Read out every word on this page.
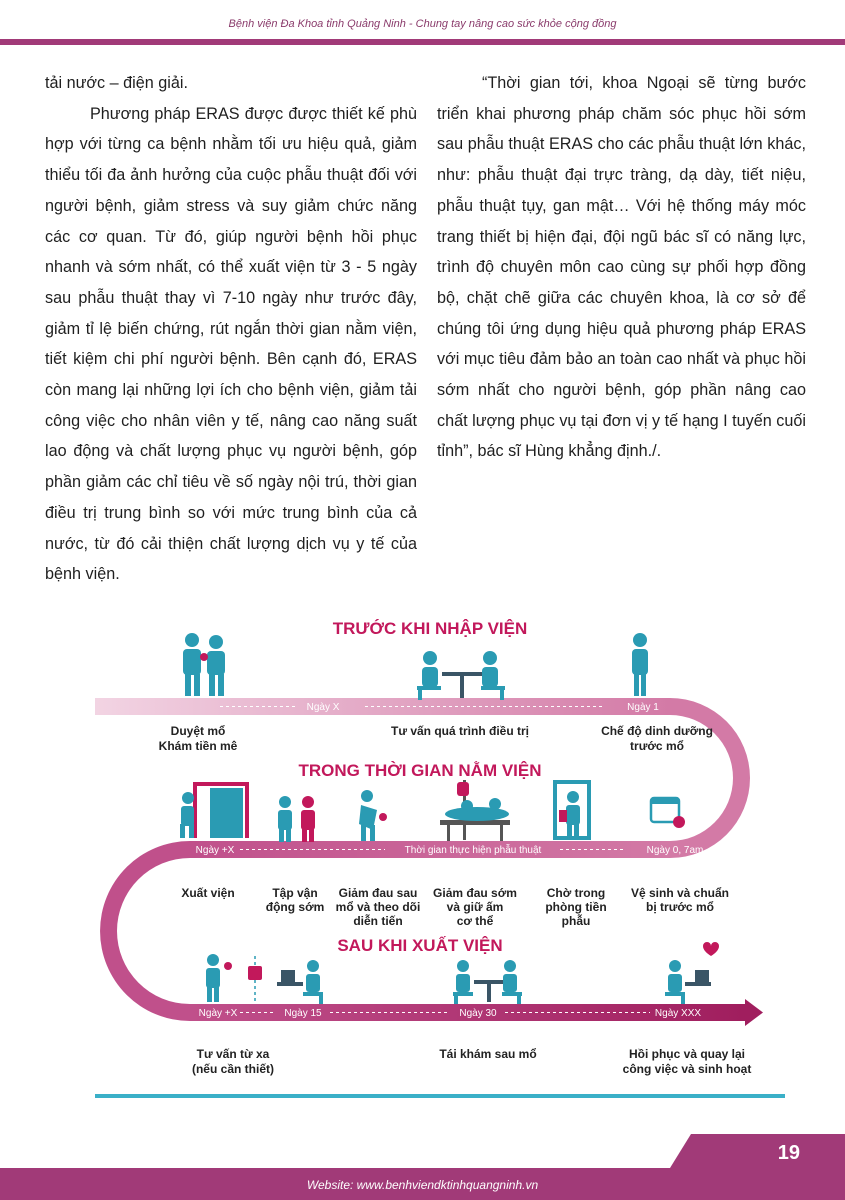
Bệnh viện Đa Khoa tỉnh Quảng Ninh - Chung tay nâng cao sức khỏe cộng đồng

tải nước – điện giải.

Phương pháp ERAS được được thiết kế phù hợp với từng ca bệnh nhằm tối ưu hiệu quả, giảm thiểu tối đa ảnh hưởng của cuộc phẫu thuật đối với người bệnh, giảm stress và suy giảm chức năng các cơ quan. Từ đó, giúp người bệnh hồi phục nhanh và sớm nhất, có thể xuất viện từ 3 - 5 ngày sau phẫu thuật thay vì 7-10 ngày như trước đây, giảm tỉ lệ biến chứng, rút ngắn thời gian nằm viện, tiết kiệm chi phí người bệnh. Bên cạnh đó, ERAS còn mang lại những lợi ích cho bệnh viện, giảm tải công việc cho nhân viên y tế, nâng cao năng suất lao động và chất lượng phục vụ người bệnh, góp phần giảm các chỉ tiêu về số ngày nội trú, thời gian điều trị trung bình so với mức trung bình của cả nước, từ đó cải thiện chất lượng dịch vụ y tế của bệnh viện.

“Thời gian tới, khoa Ngoại sẽ từng bước triển khai phương pháp chăm sóc phục hồi sớm sau phẫu thuật ERAS cho các phẫu thuật lớn khác, như: phẫu thuật đại trực tràng, dạ dày, tiết niệu, phẫu thuật tụy, gan mật… Với hệ thống máy móc trang thiết bị hiện đại, đội ngũ bác sĩ có năng lực, trình độ chuyên môn cao cùng sự phối hợp đồng bộ, chặt chẽ giữa các chuyên khoa, là cơ sở để chúng tôi ứng dụng hiệu quả phương pháp ERAS với mục tiêu đảm bảo an toàn cao nhất và phục hồi sớm nhất cho người bệnh, góp phần nâng cao chất lượng phục vụ tại đơn vị y tế hạng I tuyến cuối tỉnh”, bác sĩ Hùng khẳng định./.

TRƯỚC KHI NHẬP VIỆN
TRONG THỜI GIAN NẰM VIỆN
SAU KHI XUẤT VIỆN
Ngày X	Ngày 1
Ngày +X	Thời gian thực hiện phẫu thuật	Ngày 0, 7am
Ngày +X	Ngày 15	Ngày 30	Ngày XXX
Duyệt mổ
Khám tiền mê
Tư vấn quá trình điều trị	Chế độ dinh dưỡng
trước mổ
Xuất viện	Tập vận
động sớm
Giảm đau sau
mổ và theo dõi
diễn tiến
Giảm đau sớm
và giữ ấm
cơ thể
Chờ trong
phòng tiền
phẫu
Vệ sinh và chuẩn
bị trước mổ
Tư vấn từ xa
(nếu cần thiết)
Tái khám sau mổ	Hồi phục và quay lại
công việc và sinh hoạt
19
Website: www.benhviendktinhquangninh.vn
